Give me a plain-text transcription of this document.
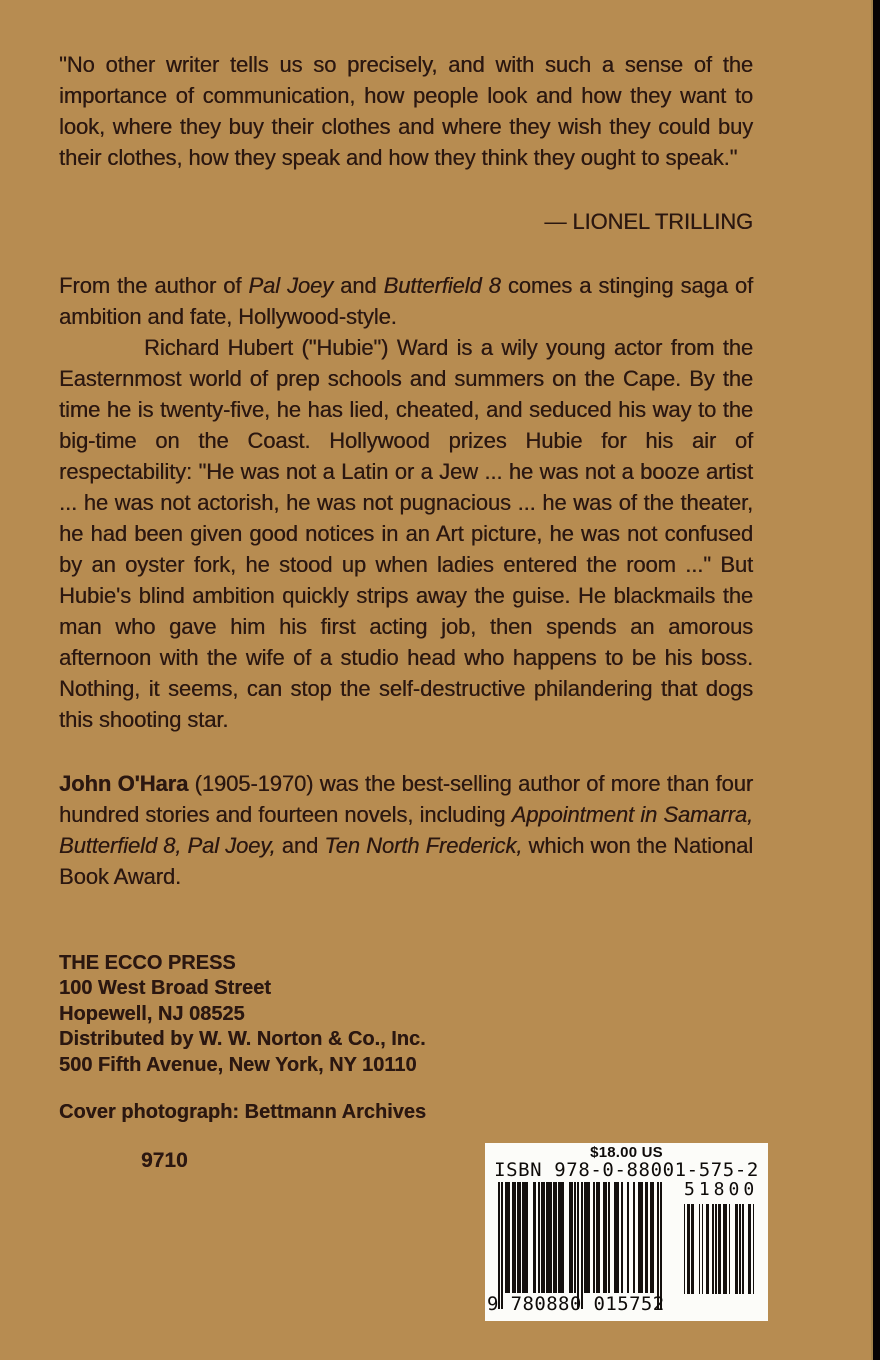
"No other writer tells us so precisely, and with such a sense of the importance of communication, how people look and how they want to look, where they buy their clothes and where they wish they could buy their clothes, how they speak and how they think they ought to speak."
— LIONEL TRILLING

From the author of Pal Joey and Butterfield 8 comes a stinging saga of ambition and fate, Hollywood-style.

Richard Hubert ("Hubie") Ward is a wily young actor from the Easternmost world of prep schools and summers on the Cape. By the time he is twenty-five, he has lied, cheated, and seduced his way to the big-time on the Coast. Hollywood prizes Hubie for his air of respectability: "He was not a Latin or a Jew ... he was not a booze artist ... he was not actorish, he was not pugnacious ... he was of the theater, he had been given good notices in an Art picture, he was not confused by an oyster fork, he stood up when ladies entered the room ..." But Hubie's blind ambition quickly strips away the guise. He blackmails the man who gave him his first acting job, then spends an amorous afternoon with the wife of a studio head who happens to be his boss. Nothing, it seems, can stop the self-destructive philandering that dogs this shooting star.

John O'Hara (1905-1970) was the best-selling author of more than four hundred stories and fourteen novels, including Appointment in Samarra, Butterfield 8, Pal Joey, and Ten North Frederick, which won the National Book Award.
THE ECCO PRESS
100 West Broad Street
Hopewell, NJ 08525
Distributed by W. W. Norton & Co., Inc.
500 Fifth Avenue, New York, NY 10110
Cover photograph: Bettmann Archives
9710	$18.00 US
ISBN 978-0-88001-575-2
51800
9 780880 015752
